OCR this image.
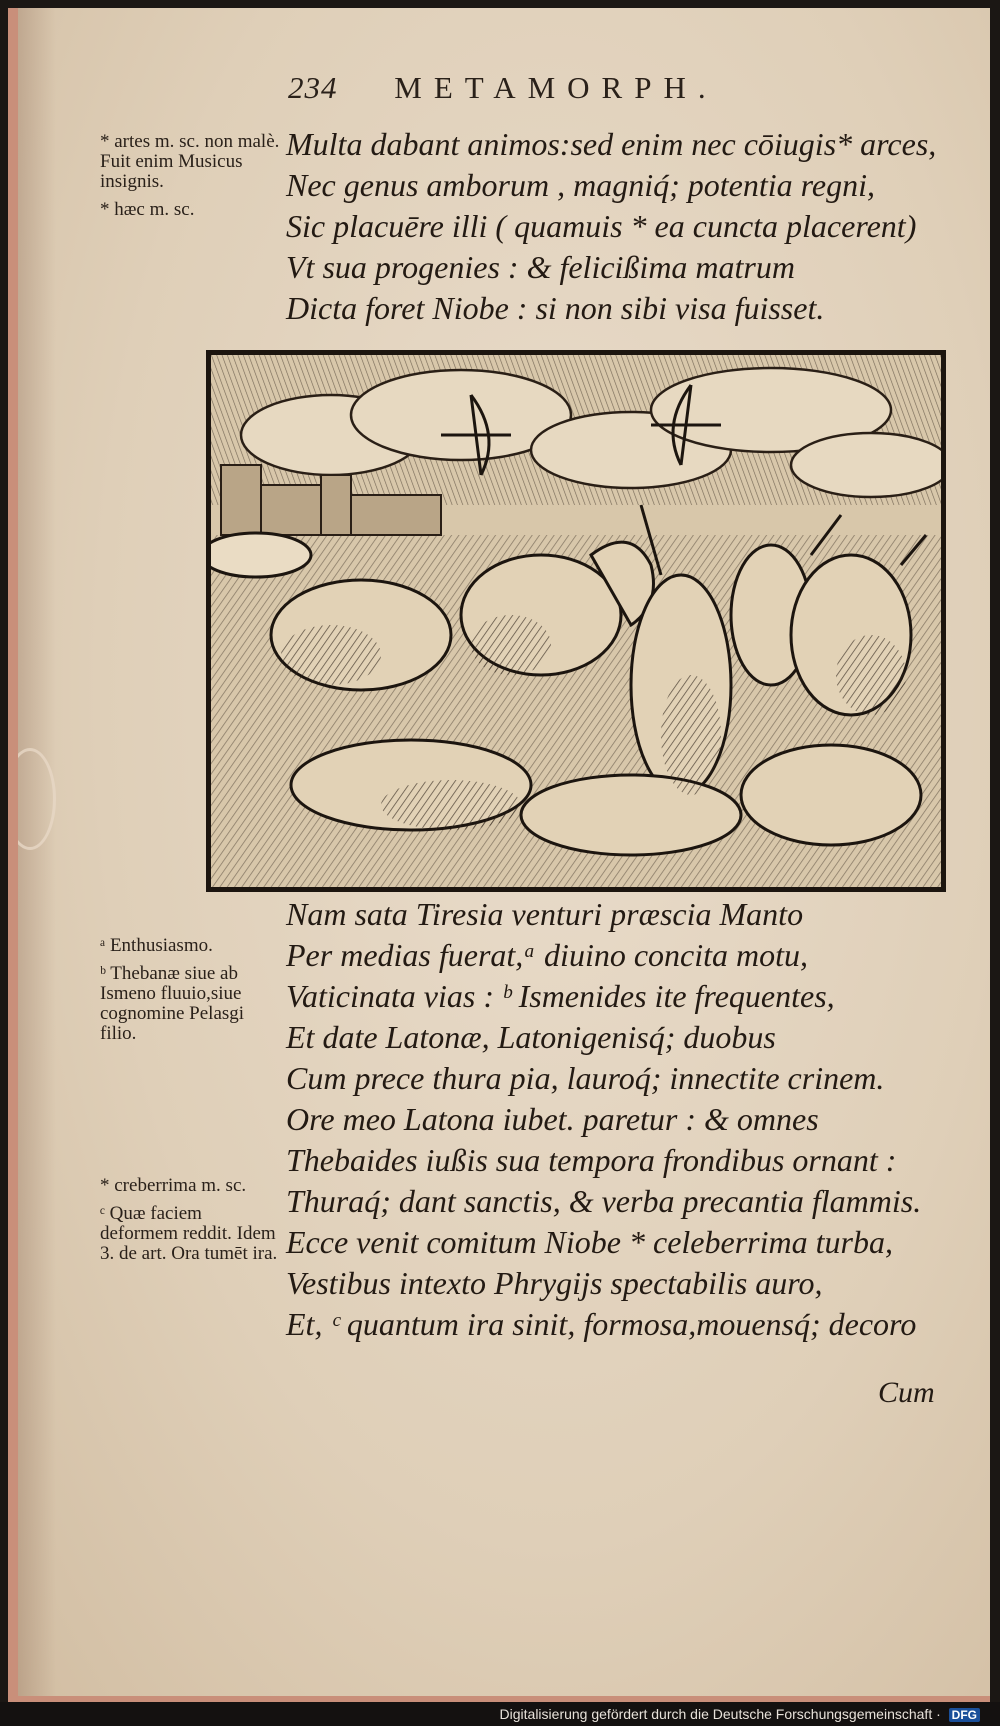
234 METAMORPH.
* artes m. sc. non malè. Fuit enim Musicus insignis.
* hæc m. sc.
Multa dabant animos:sed enim nec cōiugis* arces,
Nec genus amborum , magniq́; potentia regni,
Sic placuēre illi ( quamuis * ea cuncta placerent)
Vt sua progenies : & felicißima matrum
Dicta foret Niobe : si non sibi visa fuisset.
ᵃ Enthusiasmo.
ᵇ Thebanæ siue ab Ismeno fluuio,siue cognomine Pelasgi filio.
Nam sata Tiresia venturi præscia Manto
Per medias fuerat,ᵃ diuino concita motu,
Vaticinata vias : ᵇ Ismenides ite frequentes,
Et date Latonæ, Latonigenisq́; duobus
Cum prece thura pia, lauroq́; innectite crinem.
Ore meo Latona iubet. paretur : & omnes
Thebaides iußis sua tempora frondibus ornant :
Thuraq́; dant sanctis, & verba precantia flammis.
Ecce venit comitum Niobe * celeberrima turba,
Vestibus intexto Phrygijs spectabilis auro,
Et, ᶜ quantum ira sinit, formosa,mouensq́; decoro
* creberrima m. sc.
ᶜ Quæ faciem deformem reddit. Idem 3. de art. Ora tumēt ira.
Cum
Digitalisierung gefördert durch die Deutsche Forschungsgemeinschaft · DFG
